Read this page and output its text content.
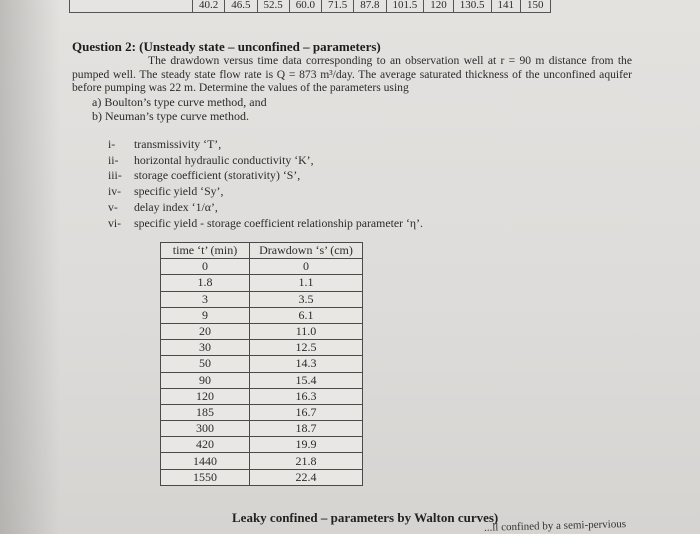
40.2	46.5	52.5	60.0	71.5	87.8	101.5	120	130.5	141	150
Question 2: (Unsteady state – unconfined – parameters)
The drawdown versus time data corresponding to an observation well at r = 90 m distance from the pumped well. The steady state flow rate is Q = 873 m³/day. The average saturated thickness of the unconfined aquifer before pumping was 22 m. Determine the values of the parameters using
a) Boulton’s type curve method, and
b) Neuman’s type curve method.
i-	transmissivity ‘T’,
ii-	horizontal hydraulic conductivity ‘K’,
iii-	storage coefficient (storativity) ‘S’,
iv-	specific yield ‘Sy’,
v-	delay index ‘1/α’,
vi-	specific yield - storage coefficient relationship parameter ‘η’.
time ‘t’ (min)	Drawdown ‘s’ (cm)
0	0
1.8	1.1
3	3.5
9	6.1
20	11.0
30	12.5
50	14.3
90	15.4
120	16.3
185	16.7
300	18.7
420	19.9
1440	21.8
1550	22.4
Leaky confined – parameters by Walton curves)
...ll confined by a semi-pervious
